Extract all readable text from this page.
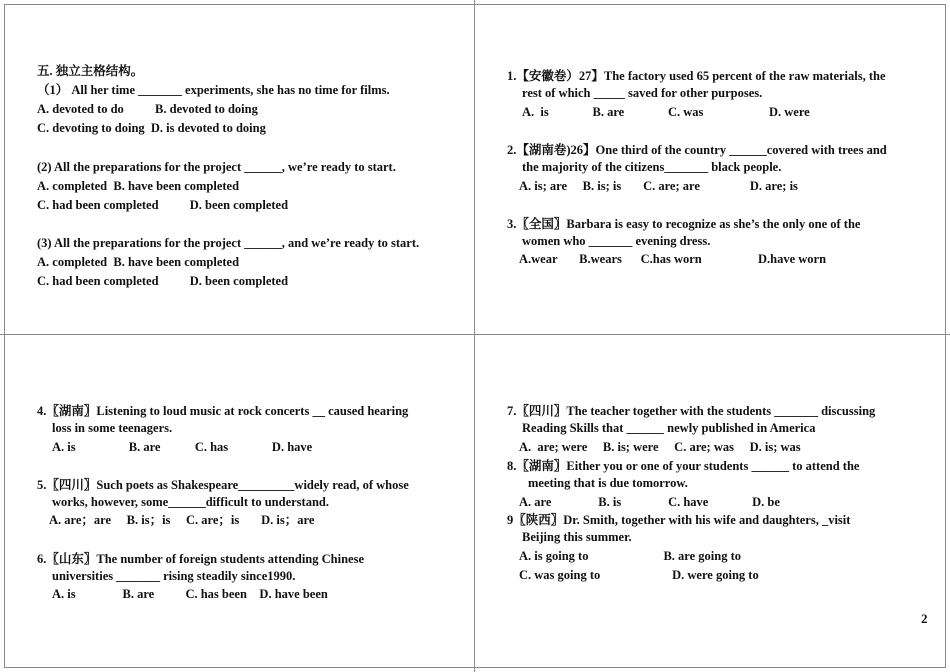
五. 独立主格结构。
（1） All her time _______ experiments, she has no time for films.
A. devoted to do          B. devoted to doing
C. devoting to doing  D. is devoted to doing
(2) All the preparations for the project ______, we’re ready to start.
A. completed  B. have been completed
C. had been completed          D. been completed
(3) All the preparations for the project ______, and we’re ready to start.
A. completed  B. have been completed
C. had been completed          D. been completed
1.【安徽卷）27】The factory used 65 percent of the raw materials, the
rest of which _____ saved for other purposes.
A.  is              B. are              C. was                     D. were
2.【湖南卷)26】One third of the country ______covered with trees and
the majority of the citizens_______ black people.
A. is; are     B. is; is       C. are; are                D. are; is
3.〖全国〗Barbara is easy to recognize as she’s the only one of the
women who _______ evening dress.
A.wear       B.wears      C.has worn                  D.have worn
4.〖湖南〗Listening to loud music at rock concerts __ caused hearing
loss in some teenagers.
A. is                 B. are           C. has              D. have
5.〖四川〗Such poets as Shakespeare_________widely read, of whose
works, however, some______difficult to understand.
A. are；are     B. is；is     C. are；is       D. is；are
6.〖山东〗The number of foreign students attending Chinese
universities _______ rising steadily since1990.
A. is               B. are          C. has been    D. have been
7.〖四川〗The teacher together with the students _______ discussing
Reading Skills that ______ newly published in America
A.  are; were     B. is; were     C. are; was     D. is; was
8.〖湖南〗Either you or one of your students ______ to attend the
meeting that is due tomorrow.
A. are               B. is               C. have              D. be
9〖陕西〗Dr. Smith, together with his wife and daughters, _visit
Beijing this summer.
A. is going to                        B. are going to
C. was going to                       D. were going to
2
